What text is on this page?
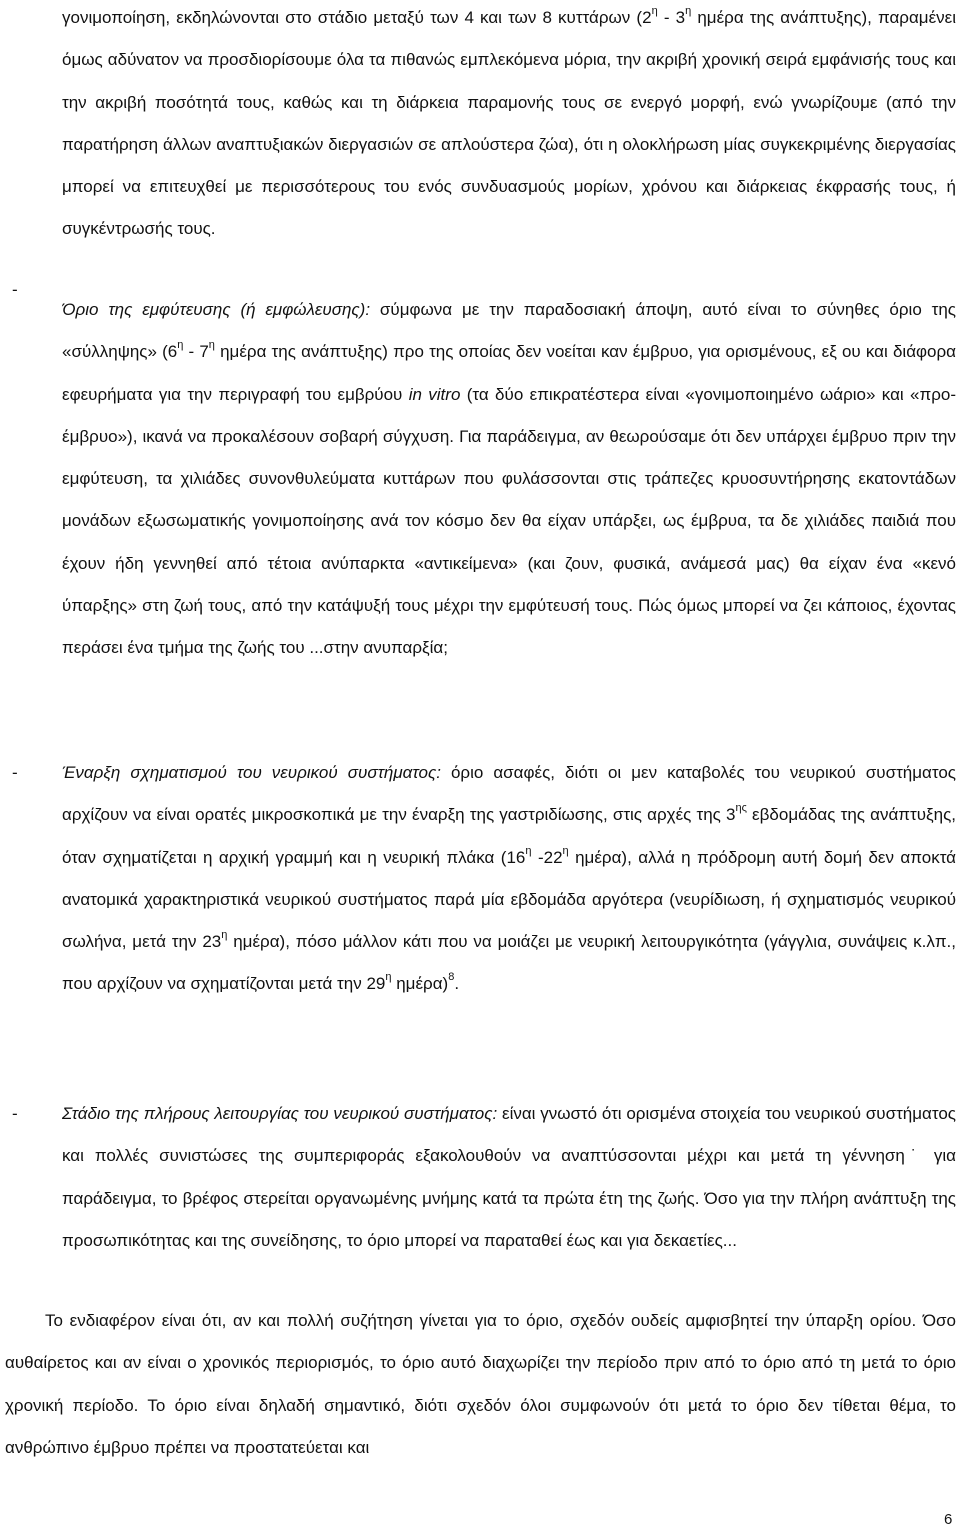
γονιμοποίηση, εκδηλώνονται στο στάδιο μεταξύ των 4 και των 8 κυττάρων ($2^\eta - 3^\eta$ ημέρα της ανάπτυξης), παραμένει όμως αδύνατον να προσδιορίσουμε όλα τα πιθανώς εμπλεκόμενα μόρια, την ακριβή χρονική σειρά εμφάνισής τους και την ακριβή ποσότητά τους, καθώς και τη διάρκεια παραμονής τους σε ενεργό μορφή, ενώ γνωρίζουμε (από την παρατήρηση άλλων αναπτυξιακών διεργασιών σε απλούστερα ζώα), ότι η ολοκλήρωση μίας συγκεκριμένης διεργασίας μπορεί να επιτευχθεί με περισσότερους του ενός συνδυασμούς μορίων, χρόνου και διάρκειας έκφρασής τους, ή συγκέντρωσής τους.
-
Όριο της εμφύτευσης (ή εμφώλευσης): σύμφωνα με την παραδοσιακή άποψη, αυτό είναι το σύνηθες όριο της «σύλληψης» ($6^\eta - 7^\eta$ ημέρα της ανάπτυξης) προ της οποίας δεν νοείται καν έμβρυο, για ορισμένους, εξ ου και διάφορα εφευρήματα για την περιγραφή του εμβρύου in vitro (τα δύο επικρατέστερα είναι «γονιμοποιημένο ωάριο» και «προ-έμβρυο»), ικανά να προκαλέσουν σοβαρή σύγχυση. Για παράδειγμα, αν θεωρούσαμε ότι δεν υπάρχει έμβρυο πριν την εμφύτευση, τα χιλιάδες συνονθυλεύματα κυττάρων που φυλάσσονται στις τράπεζες κρυοσυντήρησης εκατοντάδων μονάδων εξωσωματικής γονιμοποίησης ανά τον κόσμο δεν θα είχαν υπάρξει, ως έμβρυα, τα δε χιλιάδες παιδιά που έχουν ήδη γεννηθεί από τέτοια ανύπαρκτα «αντικείμενα» (και ζουν, φυσικά, ανάμεσά μας) θα είχαν ένα «κενό ύπαρξης» στη ζωή τους, από την κατάψυξή τους μέχρι την εμφύτευσή τους. Πώς όμως μπορεί να ζει κάποιος, έχοντας περάσει ένα τμήμα της ζωής του ...στην ανυπαρξία;
-	Έναρξη σχηματισμού του νευρικού συστήματος: όριο ασαφές, διότι οι μεν καταβολές του νευρικού συστήματος αρχίζουν να είναι ορατές μικροσκοπικά με την έναρξη της γαστριδίωσης, στις αρχές της $3^{\eta\varsigma}$ εβδομάδας της ανάπτυξης, όταν σχηματίζεται η αρχική γραμμή και η νευρική πλάκα ($16^\eta$ $-22^\eta$ ημέρα), αλλά η πρόδρομη αυτή δομή δεν αποκτά ανατομικά χαρακτηριστικά νευρικού συστήματος παρά μία εβδομάδα αργότερα (νευρίδιωση, ή σχηματισμός νευρικού σωλήνα, μετά την $23^\eta$ ημέρα), πόσο μάλλον κάτι που να μοιάζει με νευρική λειτουργικότητα (γάγγλια, συνάψεις κ.λπ., που αρχίζουν να σχηματίζονται μετά την $29^\eta$ ημέρα)$^8$.
-	Στάδιο της πλήρους λειτουργίας του νευρικού συστήματος: είναι γνωστό ότι ορισμένα στοιχεία του νευρικού συστήματος και πολλές συνιστώσες της συμπεριφοράς εξακολουθούν να αναπτύσσονται μέχρι και μετά τη γέννηση˙ για παράδειγμα, το βρέφος στερείται οργανωμένης μνήμης κατά τα πρώτα έτη της ζωής. Όσο για την πλήρη ανάπτυξη της προσωπικότητας και της συνείδησης, το όριο μπορεί να παραταθεί έως και για δεκαετίες...
Το ενδιαφέρον είναι ότι, αν και πολλή συζήτηση γίνεται για το όριο, σχεδόν ουδείς αμφισβητεί την ύπαρξη ορίου. Όσο αυθαίρετος και αν είναι ο χρονικός περιορισμός, το όριο αυτό διαχωρίζει την περίοδο πριν από το όριο από τη μετά το όριο χρονική περίοδο. Το όριο είναι δηλαδή σημαντικό, διότι σχεδόν όλοι συμφωνούν ότι μετά το όριο δεν τίθεται θέμα, το ανθρώπινο έμβρυο πρέπει να προστατεύεται και
6
